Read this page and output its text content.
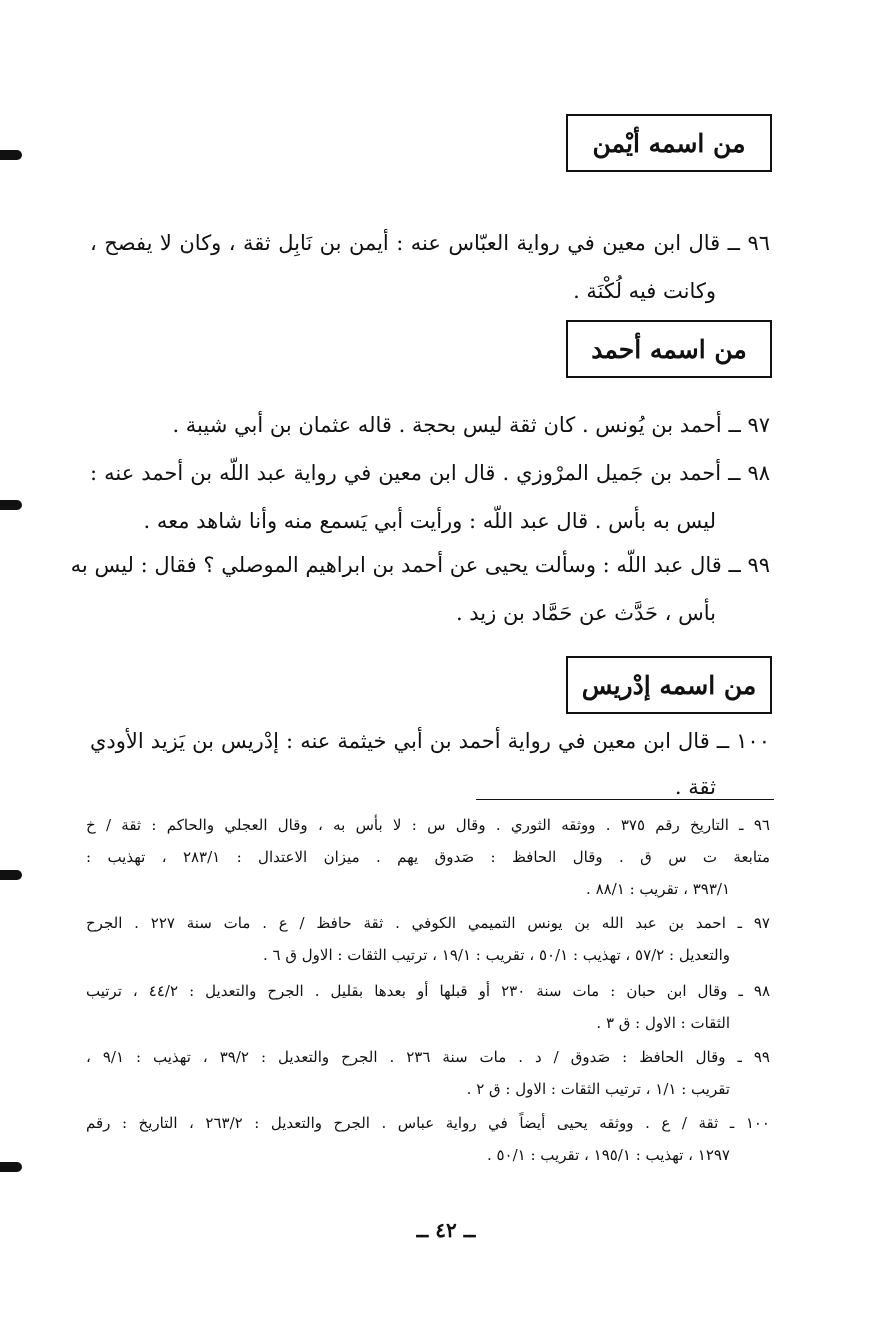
من اسمه أيْمن
٩٦ ــ قال ابن معين في رواية العبّاس عنه : أيمن بن نَابِل ثقة ، وكان لا يفصح ،
وكانت فيه لُكْنَة .
من اسمه أحمد
٩٧ ــ أحمد بن يُونس . كان ثقة ليس بحجة . قاله عثمان بن أبي شيبة .
٩٨ ــ أحمد بن جَميل المرْوزي . قال ابن معين في رواية عبد اللّه بن أحمد عنه :
ليس به بأس . قال عبد اللّه : ورأيت أبي يَسمع منه وأنا شاهد معه .
٩٩ ــ قال عبد اللّه : وسألت يحيى عن أحمد بن ابراهيم الموصلي ؟ فقال : ليس به
بأس ، حَدَّث عن حَمَّاد بن زيد .
من اسمه إدْريس
١٠٠ ــ قال ابن معين في رواية أحمد بن أبي خيثمة عنه : إدْريس بن يَزيد الأودي
ثقة .
٩٦ ـ التاريخ رقم ٣٧٥ . ووثقه الثوري . وقال س : لا بأس به ، وقال العجلي والحاكم : ثقة / خ
متابعة ت س ق . وقال الحافظ : صَدوق يهم . ميزان الاعتدال : ٢٨٣/١ ، تهذيب :
٣٩٣/١ ، تقريب : ٨٨/١ .
٩٧ ـ احمد بن عبد الله بن يونس التميمي الكوفي . ثقة حافظ / ع . مات سنة ٢٢٧ . الجرح
والتعديل : ٥٧/٢ ، تهذيب : ٥٠/١ ، تقريب : ١٩/١ ، ترتيب الثقات : الاول ق ٦ .
٩٨ ـ وقال ابن حبان : مات سنة ٢٣٠ أو قبلها أو بعدها بقليل . الجرح والتعديل : ٤٤/٢ ، ترتيب
الثقات : الاول : ق ٣ .
٩٩ ـ وقال الحافظ : صَدوق / د . مات سنة ٢٣٦ . الجرح والتعديل : ٣٩/٢ ، تهذيب : ٩/١ ،
تقريب : ١/١ ، ترتيب الثقات : الاول : ق ٢ .
١٠٠ ـ ثقة / ع . ووثقه يحيى أيضاً في رواية عباس . الجرح والتعديل : ٢٦٣/٢ ، التاريخ : رقم
١٢٩٧ ، تهذيب : ١٩٥/١ ، تقريب : ٥٠/١ .
ــ ٤٢ ــ
